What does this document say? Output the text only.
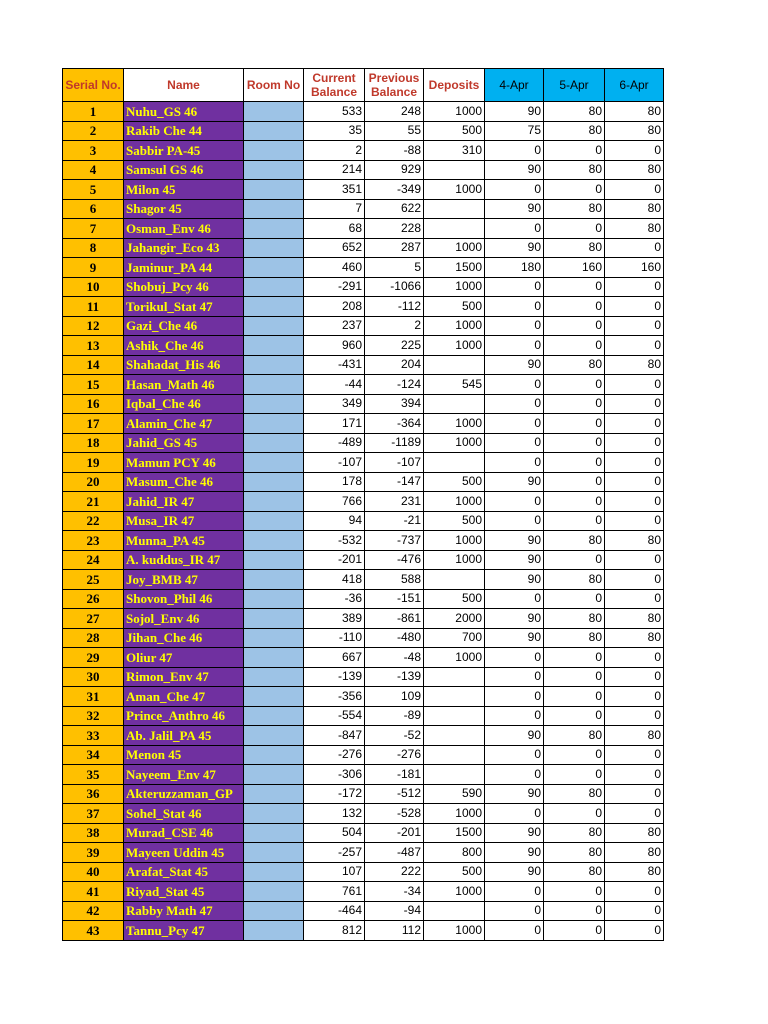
Serial No.	Name	Room No	Current Balance	Previous Balance	Deposits	4-Apr	5-Apr	6-Apr
1	Nuhu_GS 46		533	248	1000	90	80	80
2	Rakib Che 44		35	55	500	75	80	80
3	Sabbir PA-45		2	-88	310	0	0	0
4	Samsul GS 46		214	929		90	80	80
5	Milon 45		351	-349	1000	0	0	0
6	Shagor 45		7	622		90	80	80
7	Osman_Env 46		68	228		0	0	80
8	Jahangir_Eco 43		652	287	1000	90	80	0
9	Jaminur_PA 44		460	5	1500	180	160	160
10	Shobuj_Pcy 46		-291	-1066	1000	0	0	0
11	Torikul_Stat 47		208	-112	500	0	0	0
12	Gazi_Che 46		237	2	1000	0	0	0
13	Ashik_Che 46		960	225	1000	0	0	0
14	Shahadat_His 46		-431	204		90	80	80
15	Hasan_Math 46		-44	-124	545	0	0	0
16	Iqbal_Che 46		349	394		0	0	0
17	Alamin_Che 47		171	-364	1000	0	0	0
18	Jahid_GS 45		-489	-1189	1000	0	0	0
19	Mamun PCY 46		-107	-107		0	0	0
20	Masum_Che 46		178	-147	500	90	0	0
21	Jahid_IR 47		766	231	1000	0	0	0
22	Musa_IR 47		94	-21	500	0	0	0
23	Munna_PA 45		-532	-737	1000	90	80	80
24	A. kuddus_IR 47		-201	-476	1000	90	0	0
25	Joy_BMB 47		418	588		90	80	0
26	Shovon_Phil 46		-36	-151	500	0	0	0
27	Sojol_Env 46		389	-861	2000	90	80	80
28	Jihan_Che 46		-110	-480	700	90	80	80
29	Oliur 47		667	-48	1000	0	0	0
30	Rimon_Env 47		-139	-139		0	0	0
31	Aman_Che 47		-356	109		0	0	0
32	Prince_Anthro 46		-554	-89		0	0	0
33	Ab. Jalil_PA 45		-847	-52		90	80	80
34	Menon 45		-276	-276		0	0	0
35	Nayeem_Env 47		-306	-181		0	0	0
36	Akteruzzaman_GP		-172	-512	590	90	80	0
37	Sohel_Stat 46		132	-528	1000	0	0	0
38	Murad_CSE 46		504	-201	1500	90	80	80
39	Mayeen Uddin 45		-257	-487	800	90	80	80
40	Arafat_Stat 45		107	222	500	90	80	80
41	Riyad_Stat 45		761	-34	1000	0	0	0
42	Rabby Math 47		-464	-94		0	0	0
43	Tannu_Pcy 47		812	112	1000	0	0	0
